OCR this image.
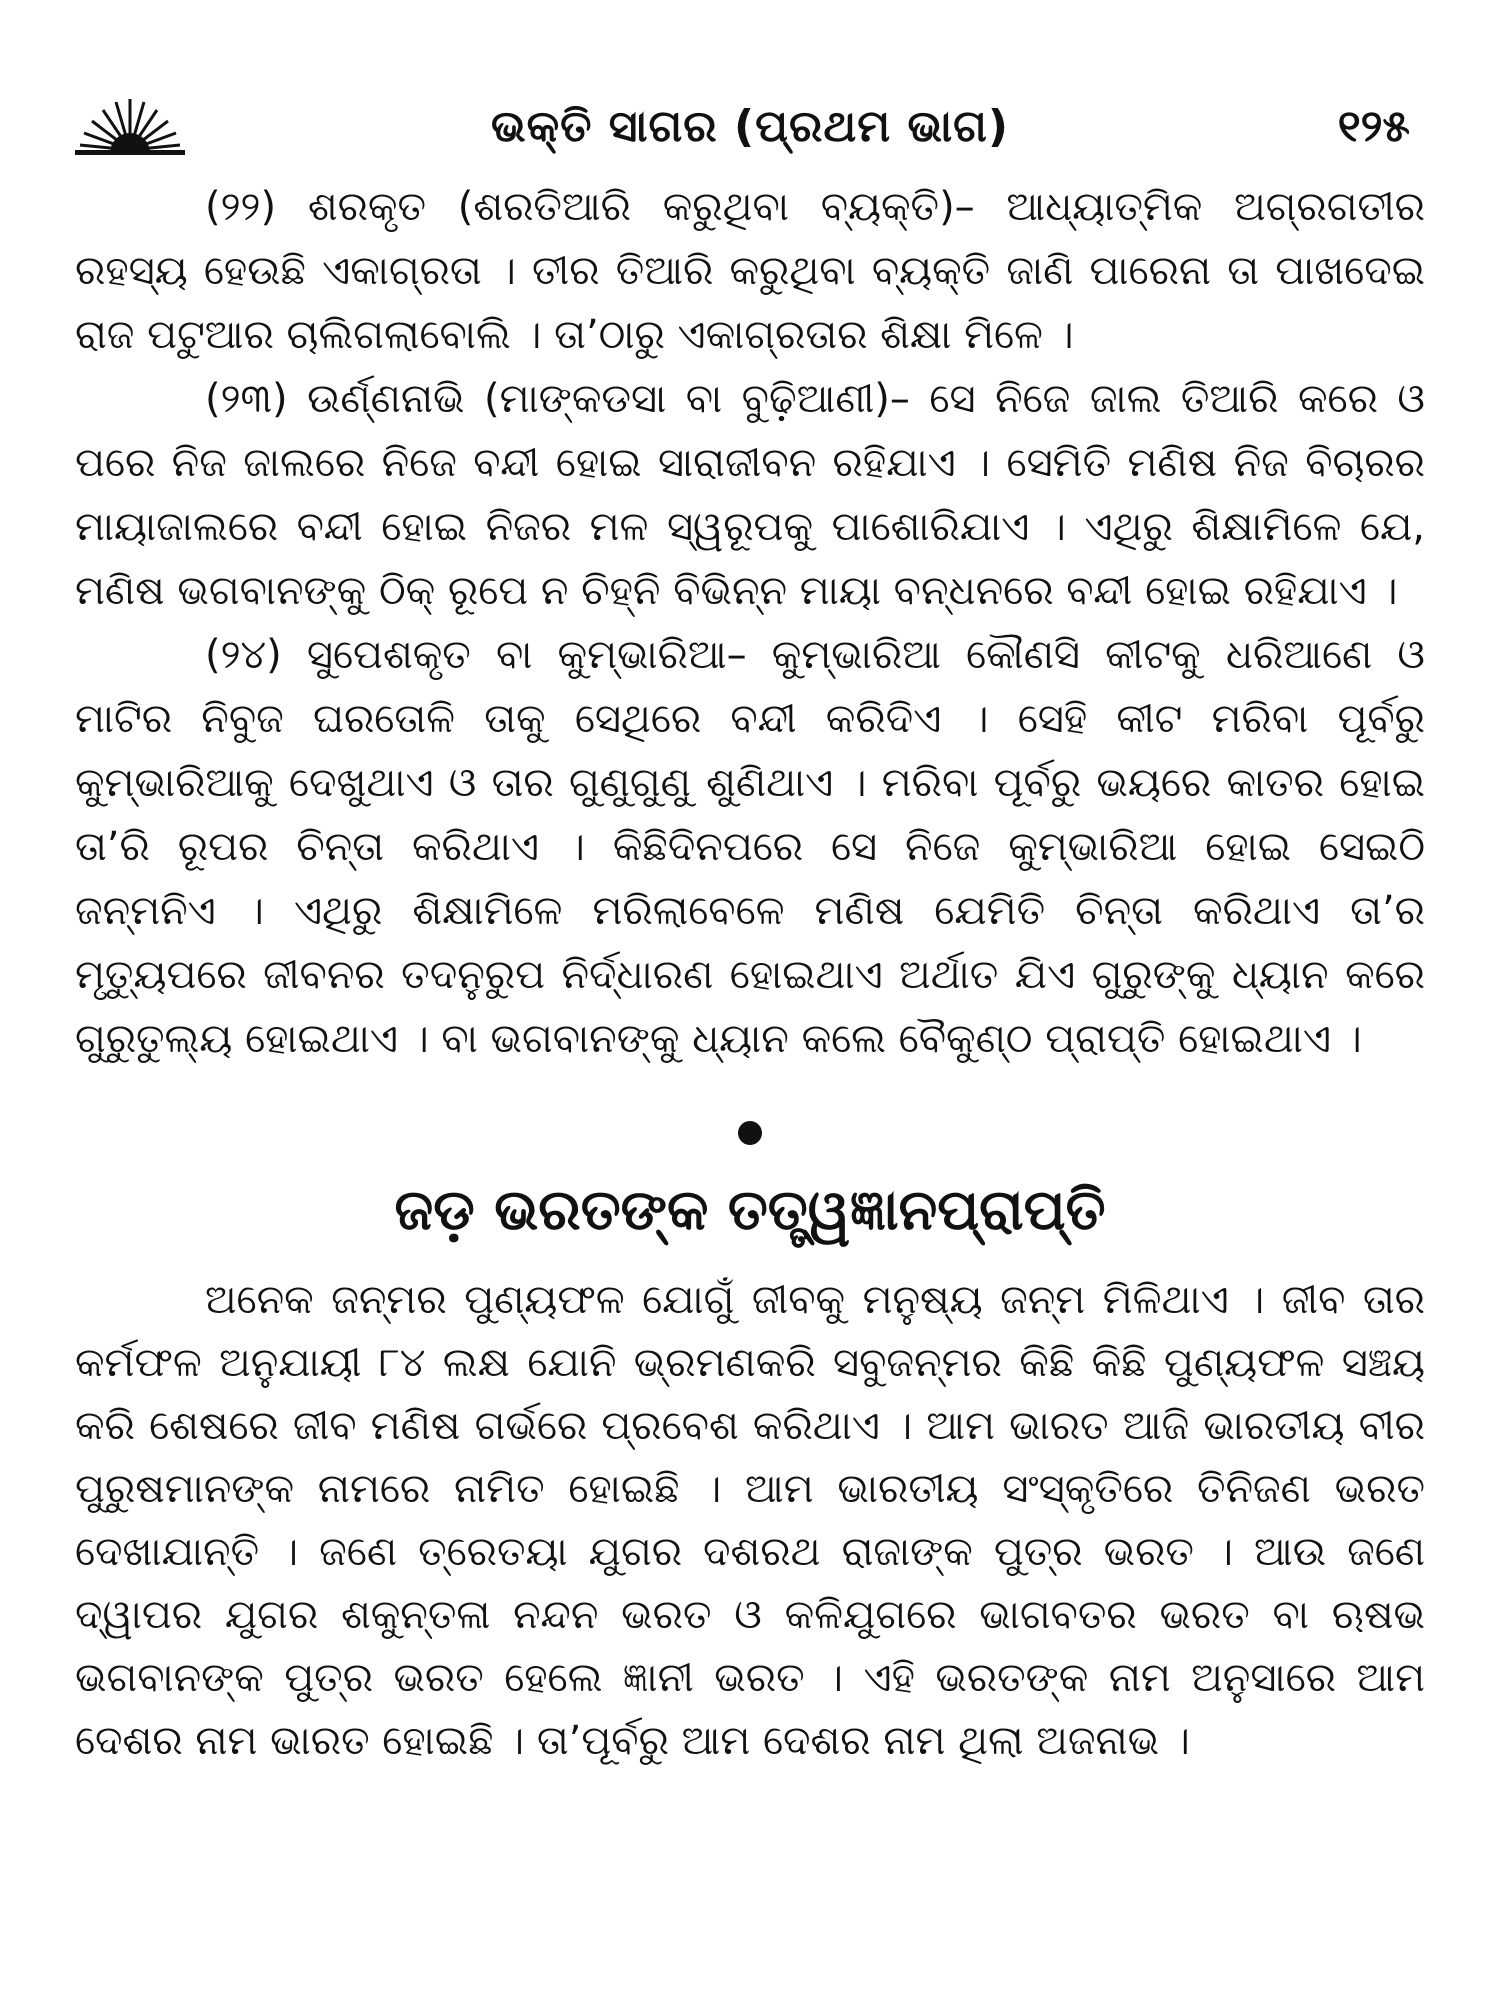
ଭକ୍ତି ସାଗର (ପ୍ରଥମ ଭାଗ)	୧୨୫

(୨୨) ଶରକୃତ (ଶରତିଆରି କରୁଥିବା ବ୍ୟକ୍ତି)– ଆଧ୍ୟାତ୍ମିକ ଅଗ୍ରଗତୀର ରହସ୍ୟ ହେଉଛି ଏକାଗ୍ରତା । ତୀର ତିଆରି କରୁଥିବା ବ୍ୟକ୍ତି ଜାଣି ପାରେନା ତା ପାଖଦେଇ ରାଜ ପଟୁଆର ଚାଲିଗଲାବୋଲି । ତା’ଠାରୁ ଏକାଗ୍ରତାର ଶିକ୍ଷା ମିଳେ ।

(୨୩) ଉର୍ଣ୍ଣନାଭି (ମାଙ୍କଡସା ବା ବୁଢ଼ିଆଣୀ)– ସେ ନିଜେ ଜାଲ ତିଆରି କରେ ଓ ପରେ ନିଜ ଜାଲରେ ନିଜେ ବନ୍ଦୀ ହୋଇ ସାରାଜୀବନ ରହିଯାଏ । ସେମିତି ମଣିଷ ନିଜ ବିଚାରର ମାୟାଜାଲରେ ବନ୍ଦୀ ହୋଇ ନିଜର ମଳ ସ୍ୱରୂପକୁ ପାଶୋରିଯାଏ । ଏଥିରୁ ଶିକ୍ଷାମିଳେ ଯେ, ମଣିଷ ଭଗବାନଙ୍କୁ ଠିକ୍ ରୂପେ ନ ଚିହ୍ନି ବିଭିନ୍ନ ମାୟା ବନ୍ଧନରେ ବନ୍ଦୀ ହୋଇ ରହିଯାଏ ।

(୨୪) ସୁପେଶକୃତ ବା କୁମ୍ଭାରିଆ– କୁମ୍ଭାରିଆ କୌଣସି କୀଟକୁ ଧରିଆଣେ ଓ ମାଟିର ନିବୁଜ ଘରତୋଳି ତାକୁ ସେଥିରେ ବନ୍ଦୀ କରିଦିଏ । ସେହି କୀଟ ମରିବା ପୂର୍ବରୁ କୁମ୍ଭାରିଆକୁ ଦେଖୁଥାଏ ଓ ତାର ଗୁଣୁଗୁଣୁ ଶୁଣିଥାଏ । ମରିବା ପୂର୍ବରୁ ଭୟରେ କାତର ହୋଇ ତା’ରି ରୂପର ଚିନ୍ତା କରିଥାଏ । କିଛିଦିନପରେ ସେ ନିଜେ କୁମ୍ଭାରିଆ ହୋଇ ସେଇଠି ଜନ୍ମନିଏ । ଏଥିରୁ ଶିକ୍ଷାମିଳେ ମରିଲାବେଳେ ମଣିଷ ଯେମିତି ଚିନ୍ତା କରିଥାଏ ତା’ର ମୃତ୍ୟୁପରେ ଜୀବନର ତଦନୁରୁପ ନିର୍ଦ୍ଧାରଣ ହୋଇଥାଏ ଅର୍ଥାତ ଯିଏ ଗୁରୁଙ୍କୁ ଧ୍ୟାନ କରେ ଗୁରୁତୁଲ୍ୟ ହୋଇଥାଏ । ବା ଭଗବାନଙ୍କୁ ଧ୍ୟାନ କଲେ ବୈକୁଣ୍ଠ ପ୍ରାପ୍ତି ହୋଇଥାଏ ।

ଜଡ଼ ଭରତଙ୍କ ତତ୍ତ୍ୱଜ୍ଞାନପ୍ରାପ୍ତି

ଅନେକ ଜନ୍ମର ପୁଣ୍ୟଫଳ ଯୋଗୁଁ ଜୀବକୁ ମନୁଷ୍ୟ ଜନ୍ମ ମିଳିଥାଏ । ଜୀବ ତାର କର୍ମଫଳ ଅନୁଯାୟୀ ୮୪ ଲକ୍ଷ ଯୋନି ଭ୍ରମଣକରି ସବୁଜନ୍ମର କିଛି କିଛି ପୁଣ୍ୟଫଳ ସଞ୍ଚୟ କରି ଶେଷରେ ଜୀବ ମଣିଷ ଗର୍ଭରେ ପ୍ରବେଶ କରିଥାଏ । ଆମ ଭାରତ ଆଜି ଭାରତୀୟ ବୀର ପୁରୁଷମାନଙ୍କ ନାମରେ ନାମିତ ହୋଇଛି । ଆମ ଭାରତୀୟ ସଂସ୍କୃତିରେ ତିନିଜଣ ଭରତ ଦେଖାଯାନ୍ତି । ଜଣେ ତ୍ରେତୟା ଯୁଗର ଦଶରଥ ରାଜାଙ୍କ ପୁତ୍ର ଭରତ । ଆଉ ଜଣେ ଦ୍ୱାପର ଯୁଗର ଶକୁନ୍ତଳା ନନ୍ଦନ ଭରତ ଓ କଳିଯୁଗରେ ଭାଗବତର ଭରତ ବା ଋଷଭ ଭଗବାନଙ୍କ ପୁତ୍ର ଭରତ ହେଲେ ଜ୍ଞାନୀ ଭରତ । ଏହି ଭରତଙ୍କ ନାମ ଅନୁସାରେ ଆମ ଦେଶର ନାମ ଭାରତ ହୋଇଛି । ତା’ପୂର୍ବରୁ ଆମ ଦେଶର ନାମ ଥିଲା ଅଜନାଭ ।
